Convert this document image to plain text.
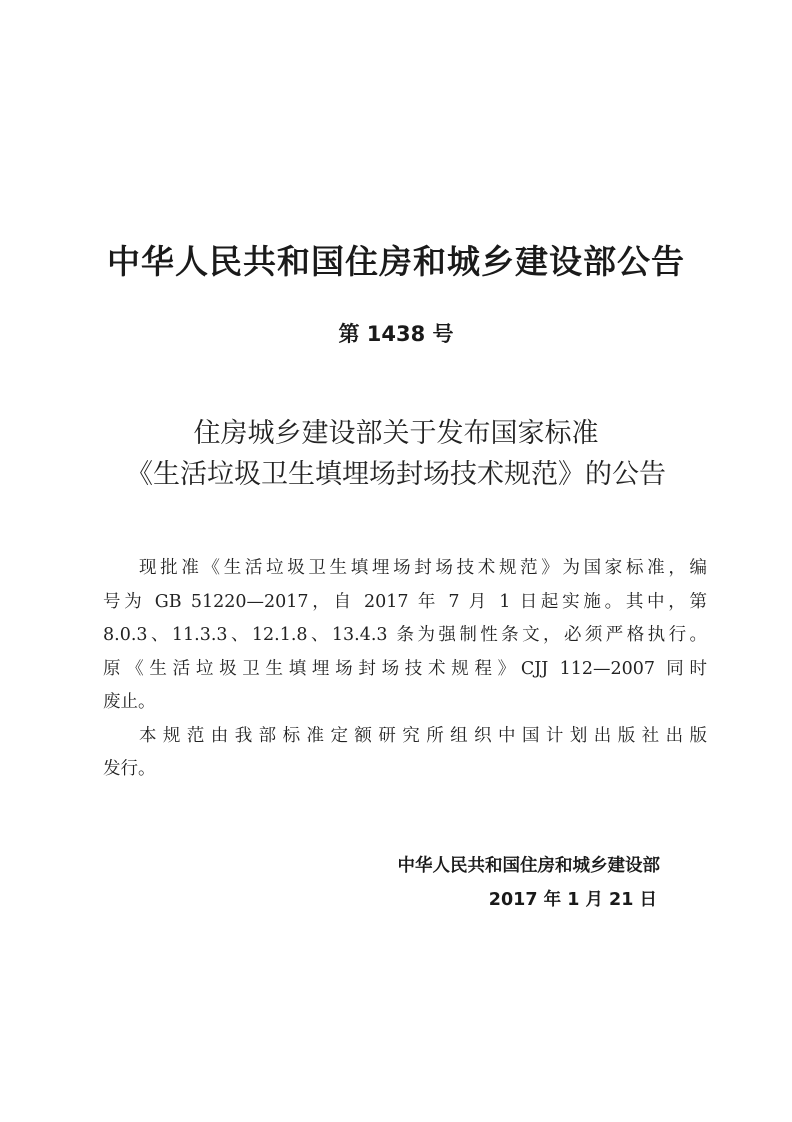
中华人民共和国住房和城乡建设部公告
第 1438 号
住房城乡建设部关于发布国家标准
《生活垃圾卫生填埋场封场技术规范》的公告
现批准《生活垃圾卫生填埋场封场技术规范》为国家标准，编
号为 GB 51220—2017，自 2017 年 7 月 1 日起实施。其中，第
8.0.3、11.3.3、12.1.8、13.4.3 条为强制性条文，必须严格执行。
原《生活垃圾卫生填埋场封场技术规程》CJJ 112—2007 同时
废止。
本规范由我部标准定额研究所组织中国计划出版社出版
发行。
中华人民共和国住房和城乡建设部
2017 年 1 月 21 日
